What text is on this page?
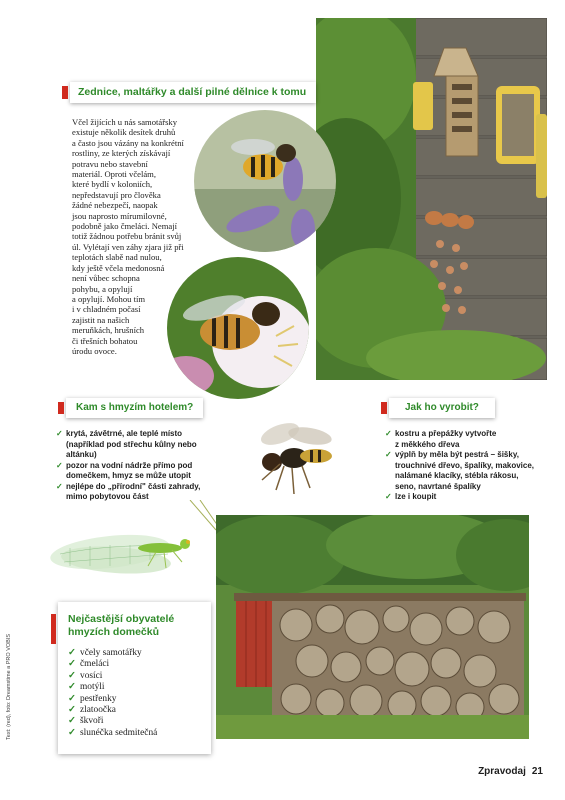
Zednice, maltářky a další pilné dělnice k tomu
Včel žijících u nás samotářsky
existuje několik desítek druhů
a často jsou vázány na konkrétní
rostliny, ze kterých získávají
potravu nebo stavební
materiál. Oproti včelám,
které bydlí v koloniích,
nepředstavují pro člověka
žádné nebezpečí, naopak
jsou naprosto mírumilovné,
podobně jako čmeláci. Nemají
totiž žádnou potřebu bránit svůj
úl. Vylétají ven záhy zjara již při
teplotách slabě nad nulou,
kdy ještě včela medonosná
není vůbec schopna
pohybu, a opylují
a opylují. Mohou tím
i v chladném počasí
zajistit na našich
meruňkách, hrušních
či třešních bohatou
úrodu ovoce.
Kam s hmyzím hotelem?
✓ krytá, závětrné, ale teplé místo
(například pod střechu kůlny nebo
altánku)
✓ pozor na vodní nádrže přímo pod
domečkem, hmyz se může utopit
✓ nejlépe do „přírodní" části zahrady,
mimo pobytovou část
Jak ho vyrobit?
✓ kostru a přepážky vytvořte
z měkkého dřeva
✓ výplň by měla být pestrá – šišky,
trouchnivé dřevo, špalíky, makovice,
nalámané klacíky, stébla rákosu,
seno, navrtané špalíky
✓ lze i koupit
Nejčastější obyvatelé
hmyzích domečků
✓ včely samotářky
✓ čmeláci
✓ vosíci
✓ motýli
✓ pestřenky
✓ zlatoočka
✓ škvoři
✓ slunéčka sedmitečná
Text: (red), foto: Dreamstime a PRO VOBIS
Zpravodaj 21
